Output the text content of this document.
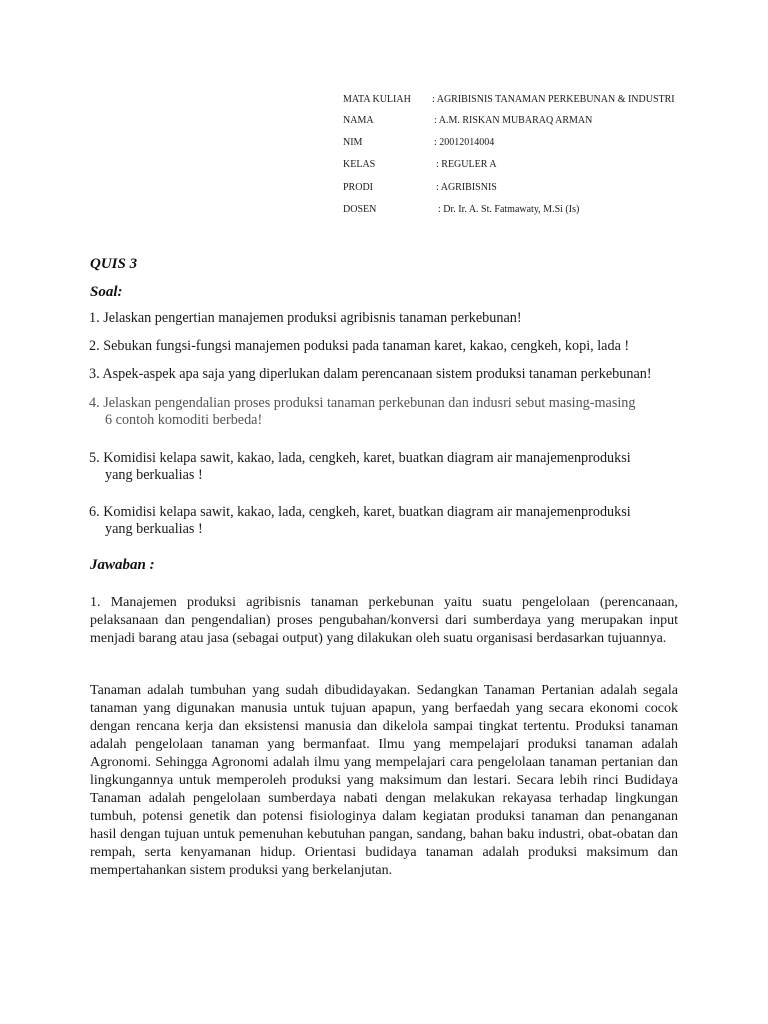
MATA KULIAH : AGRIBISNIS TANAMAN PERKEBUNAN & INDUSTRI
NAMA	: A.M. RISKAN MUBARAQ ARMAN
NIM	: 20012014004
KELAS	: REGULER A
PRODI	: AGRIBISNIS
DOSEN	: Dr. Ir. A. St. Fatmawaty, M.Si (Is)
QUIS 3
Soal:
1. Jelaskan pengertian manajemen produksi agribisnis tanaman perkebunan!
2. Sebukan fungsi-fungsi manajemen poduksi pada tanaman karet, kakao, cengkeh, kopi, lada !
3. Aspek-aspek apa saja yang diperlukan dalam perencanaan sistem produksi tanaman perkebunan!
4. Jelaskan pengendalian proses produksi tanaman perkebunan dan indusri sebut masing-masing
6 contoh komoditi berbeda!
5. Komidisi kelapa sawit, kakao, lada, cengkeh, karet, buatkan diagram air manajemenproduksi
yang berkualias !
6. Komidisi kelapa sawit, kakao, lada, cengkeh, karet, buatkan diagram air manajemenproduksi
yang berkualias !
Jawaban :

1. Manajemen produksi agribisnis tanaman perkebunan yaitu suatu pengelolaan (perencanaan, pelaksanaan dan pengendalian) proses pengubahan/konversi dari sumberdaya yang merupakan input menjadi barang atau jasa (sebagai output) yang dilakukan oleh suatu organisasi berdasarkan tujuannya.

Tanaman adalah tumbuhan yang sudah dibudidayakan. Sedangkan Tanaman Pertanian adalah segala tanaman yang digunakan manusia untuk tujuan apapun, yang berfaedah yang secara ekonomi cocok dengan rencana kerja dan eksistensi manusia dan dikelola sampai tingkat tertentu. Produksi tanaman adalah pengelolaan tanaman yang bermanfaat. Ilmu yang mempelajari produksi tanaman adalah Agronomi. Sehingga Agronomi adalah ilmu yang mempelajari cara pengelolaan tanaman pertanian dan lingkungannya untuk memperoleh produksi yang maksimum dan lestari. Secara lebih rinci Budidaya Tanaman adalah pengelolaan sumberdaya nabati dengan melakukan rekayasa terhadap lingkungan tumbuh, potensi genetik dan potensi fisiologinya dalam kegiatan produksi tanaman dan penanganan hasil dengan tujuan untuk pemenuhan kebutuhan pangan, sandang, bahan baku industri, obat-obatan dan rempah, serta kenyamanan hidup. Orientasi budidaya tanaman adalah produksi maksimum dan mempertahankan sistem produksi yang berkelanjutan.
